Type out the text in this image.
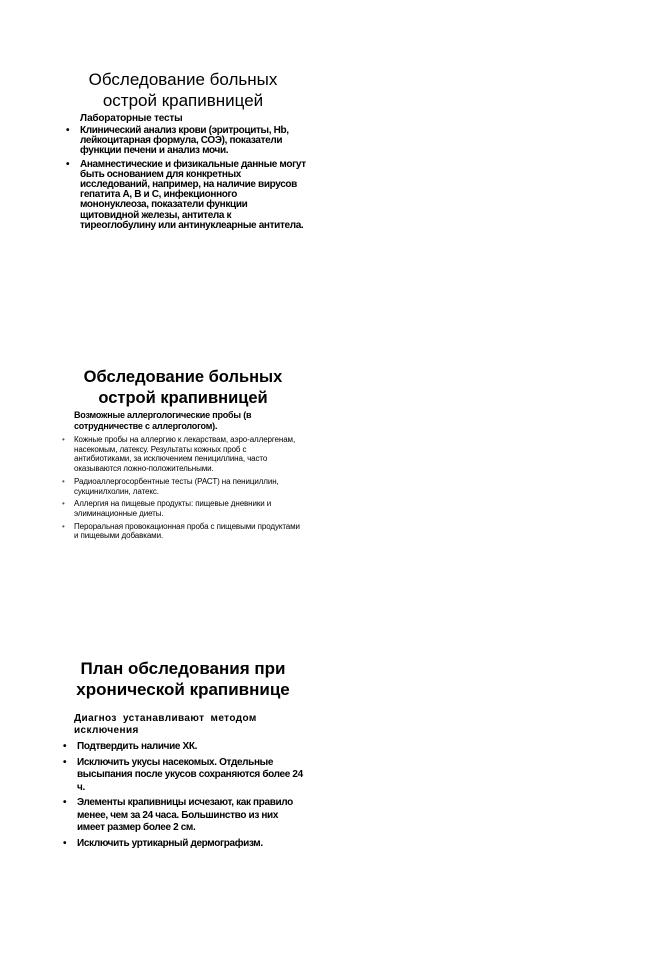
Обследование больных
острой крапивницей

Лабораторные тесты

• Клинический анализ крови (эритроциты, Нb, лейкоцитарная формула, СОЭ), показатели функции печени и анализ мочи.
• Анамнестические и физикальные данные могут быть основанием для конкретных исследований, например, на наличие вирусов гепатита А, В и С, инфекционного мононуклеоза, показатели функции щитовидной железы, антитела к тиреоглобулину или антинуклеарные антитела.
Обследование больных
острой крапивницей

Возможные аллергологические пробы (в сотрудничестве с аллергологом).

• Кожные пробы на аллергию к лекарствам, аэро-аллергенам, насекомым, латексу. Результаты кожных проб с антибиотиками, за исключением пенициллина, часто оказываются ложно-положительными.
• Радиоаллергосорбентные тесты (РАСТ) на пенициллин, сукцинилхолин, латекс.
• Аллергия на пищевые продукты: пищевые дневники и элиминационные диеты.
• Пероральная провокационная проба с пищевыми продуктами и пищевыми добавками.
План обследования при
хронической крапивнице

Диагноз устанавливают методом исключения

• Подтвердить наличие ХК.
• Исключить укусы насекомых. Отдельные высыпания после укусов сохраняются более 24 ч.
• Элементы крапивницы исчезают, как правило менее, чем за 24 часа. Большинство из них имеет размер более 2 см.
• Исключить уртикарный дермографизм.
